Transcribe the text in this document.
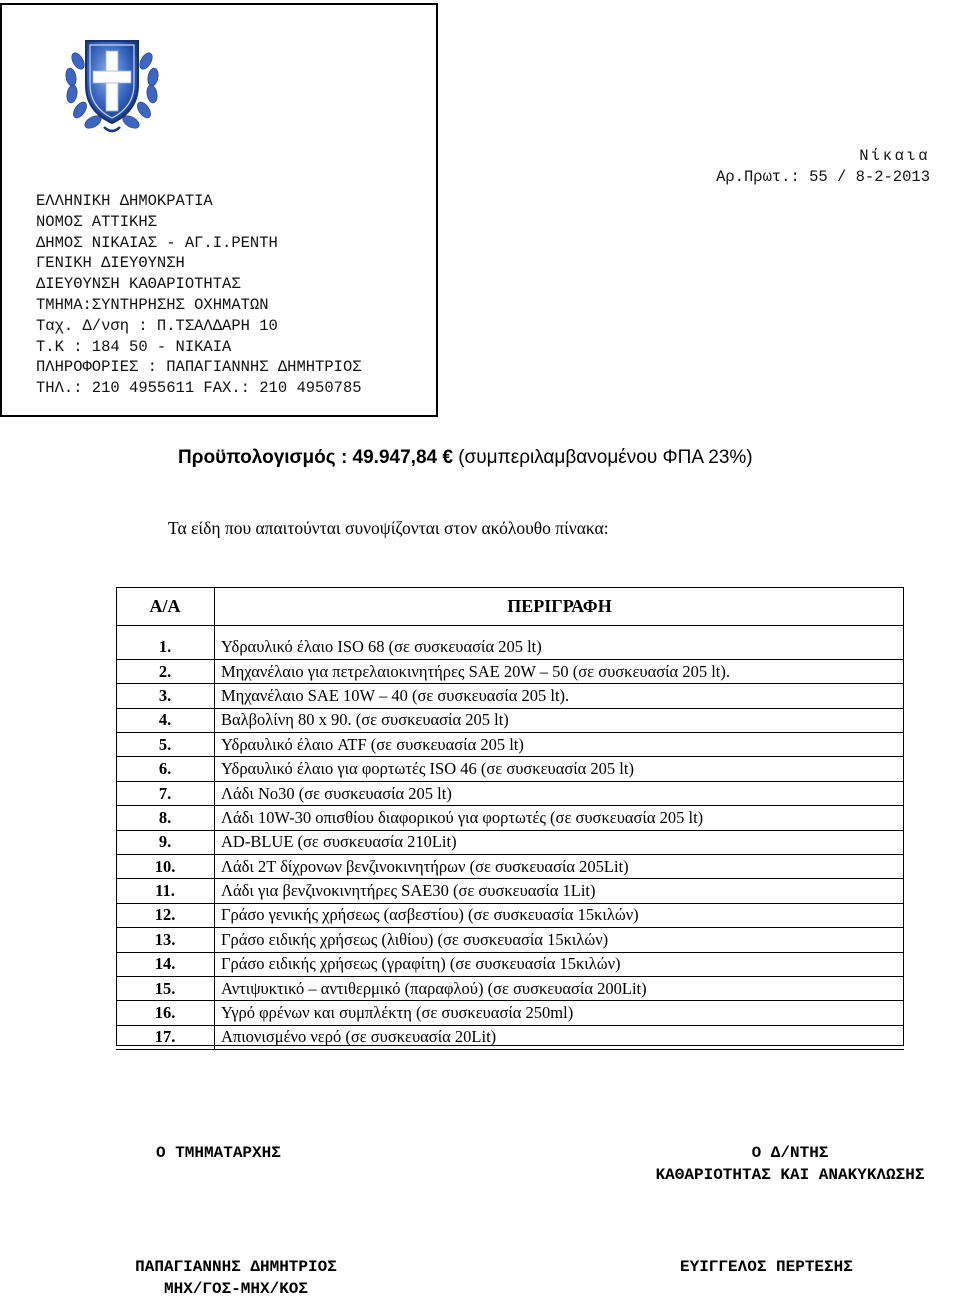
ΕΛΛΗΝΙΚΗ ΔΗΜΟΚΡΑΤΙΑ
ΝΟΜΟΣ ΑΤΤΙΚΗΣ
ΔΗΜΟΣ ΝΙΚΑΙΑΣ - ΑΓ.Ι.ΡΕΝΤΗ
ΓΕΝΙΚΗ ΔΙΕΥΘΥΝΣΗ
ΔΙΕΥΘΥΝΣΗ ΚΑΘΑΡΙΟΤΗΤΑΣ
ΤΜΗΜΑ:ΣΥΝΤΗΡΗΣΗΣ ΟΧΗΜΑΤΩΝ
Ταχ. Δ/νση : Π.ΤΣΑΛΔΑΡΗ 10
Τ.Κ : 184 50 - ΝΙΚΑΙΑ
ΠΛΗΡΟΦΟΡΙΕΣ : ΠΑΠΑΓΙΑΝΝΗΣ ΔΗΜΗΤΡΙΟΣ
ΤΗΛ.: 210 4955611 FAX.: 210 4950785
Νίκαια
Αρ.Πρωτ.: 55 / 8-2-2013
Προϋπολογισμός : 49.947,84 € (συμπεριλαμβανομένου ΦΠΑ 23%)
Τα είδη που απαιτούνται συνοψίζονται στον ακόλουθο πίνακα:
Α/Α	ΠΕΡΙΓΡΑΦΗ

1.	Υδραυλικό έλαιο ISO 68 (σε συσκευασία 205 lt)
2.	Μηχανέλαιο για πετρελαιοκινητήρες SAE 20W – 50 (σε συσκευασία 205 lt).
3.	Μηχανέλαιο SAE 10W – 40 (σε συσκευασία 205 lt).
4.	Βαλβολίνη 80 x 90. (σε συσκευασία 205 lt)
5.	Υδραυλικό έλαιο ATF (σε συσκευασία 205 lt)
6.	Υδραυλικό έλαιο για φορτωτές ISO 46 (σε συσκευασία 205 lt)
7.	Λάδι Νο30 (σε συσκευασία 205 lt)
8.	Λάδι 10W-30 οπισθίου διαφορικού για φορτωτές (σε συσκευασία 205 lt)
9.	AD-BLUE (σε συσκευασία 210Lit)
10.	Λάδι 2Τ δίχρονων βενζινοκινητήρων (σε συσκευασία 205Lit)
11.	Λάδι για βενζινοκινητήρες SAE30 (σε συσκευασία 1Lit)
12.	Γράσο γενικής χρήσεως (ασβεστίου) (σε συσκευασία 15κιλών)
13.	Γράσο ειδικής χρήσεως (λιθίου) (σε συσκευασία 15κιλών)
14.	Γράσο ειδικής χρήσεως (γραφίτη) (σε συσκευασία 15κιλών)
15.	Αντιψυκτικό – αντιθερμικό (παραφλού) (σε συσκευασία 200Lit)
16.	Υγρό φρένων και συμπλέκτη (σε συσκευασία 250ml)
17.	Απιονισμένο νερό (σε συσκευασία 20Lit)
Ο ΤΜΗΜΑΤΑΡΧΗΣ	Ο Δ/ΝΤΗΣ
ΚΑΘΑΡΙΟΤΗΤΑΣ ΚΑΙ ΑΝΑΚΥΚΛΩΣΗΣ
ΠΑΠΑΓΙΑΝΝΗΣ ΔΗΜΗΤΡΙΟΣ
ΜΗΧ/ΓΟΣ-ΜΗΧ/ΚΟΣ
ΕΥΙΓΓΕΛΟΣ ΠΕΡΤΕΣΗΣ
